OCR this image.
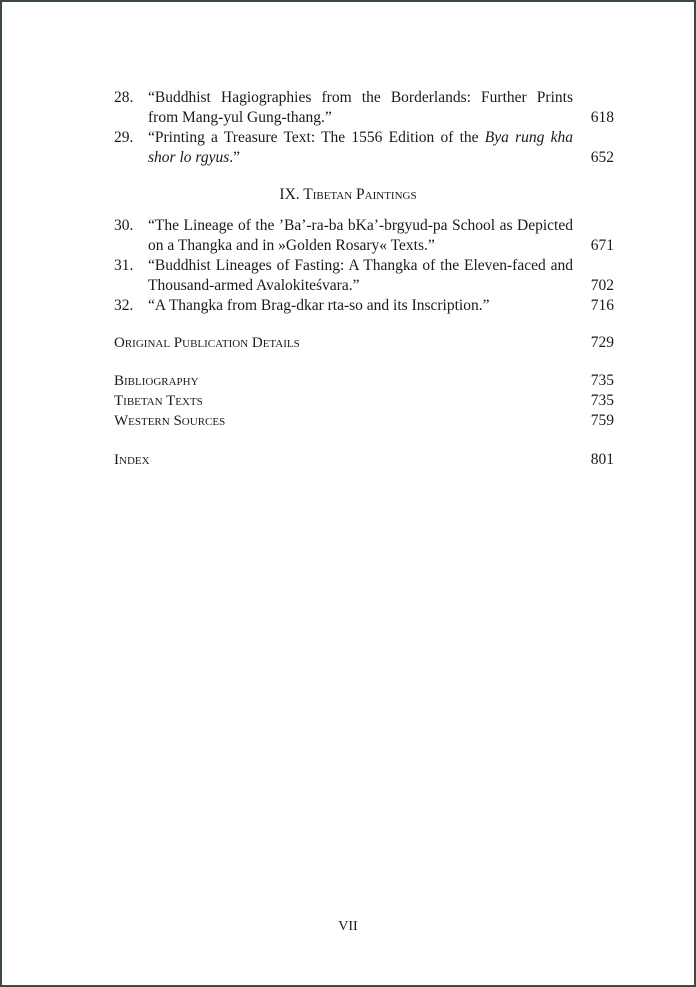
28. “Buddhist Hagiographies from the Borderlands: Further Prints
from Mang-yul Gung-thang.”	618
29. “Printing a Treasure Text: The 1556 Edition of the Bya rung kha
shor lo rgyus.”	652
IX. Tibetan Paintings
30. “The Lineage of the ’Ba’-ra-ba bKa’-brgyud-pa School as Depicted
on a Thangka and in »Golden Rosary« Texts.”	671
31. “Buddhist Lineages of Fasting: A Thangka of the Eleven-faced and
Thousand-armed Avalokiteśvara.”	702
32. “A Thangka from Brag-dkar rta-so and its Inscription.”	716
Original Publication Details	729
Bibliography	735
Tibetan Texts	735
Western Sources	759
Index	801
VII
